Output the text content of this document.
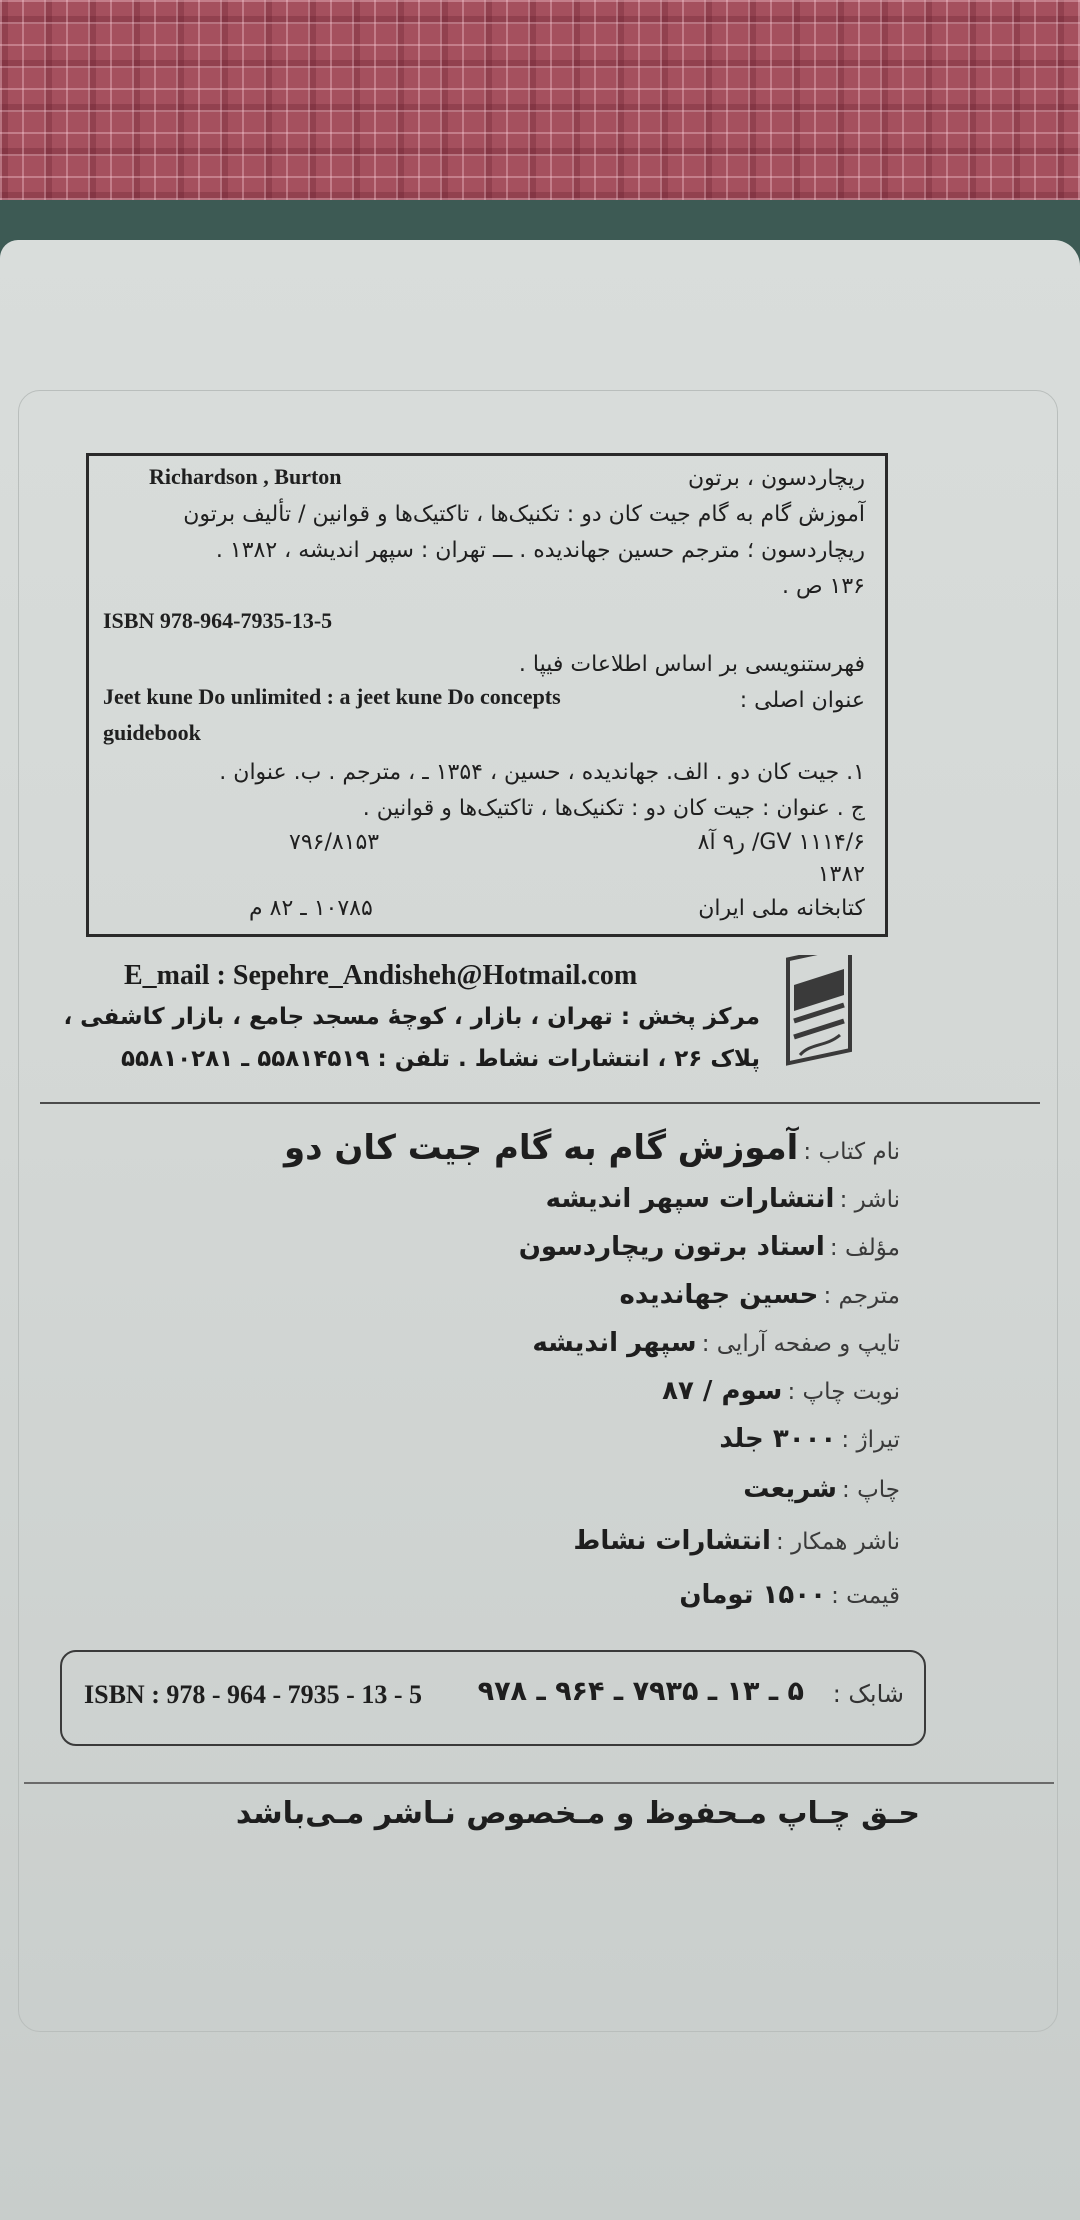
Richardson , Burton	ریچاردسون ، برتون
آموزش گام به گام جیت کان دو : تکنیک‌ها ، تاکتیک‌ها و قوانین / تألیف برتون
ریچاردسون ؛ مترجم حسین جهاندیده . ـــ تهران : سپهر اندیشه ، ۱۳۸۲ .
۱۳۶ ص .
ISBN 978-964-7935-13-5
فهرستنویسی بر اساس اطلاعات فیپا .
عنوان اصلی :
Jeet kune Do unlimited : a jeet kune Do concepts
guidebook
۱. جیت کان دو . الف. جهاندیده ، حسین ، ۱۳۵۴ ـ ، مترجم . ب. عنوان .
ج . عنوان : جیت کان دو : تکنیک‌ها ، تاکتیک‌ها و قوانین .
GV ۱۱۱۴/۶/ ر۹ آ۸
۷۹۶/۸۱۵۳
۱۳۸۲
کتابخانه ملی ایران
۱۰۷۸۵ ـ ۸۲ م
E_mail : Sepehre_Andisheh@Hotmail.com
مرکز پخش : تهران ، بازار ، کوچهٔ مسجد جامع ، بازار کاشفی ،
پلاک ۲۶ ، انتشارات نشاط . تلفن : ۵۵۸۱۴۵۱۹ ـ ۵۵۸۱۰۲۸۱
نام کتاب : آموزش گام به گام جیت کان دو
ناشر : انتشارات سپهر اندیشه
مؤلف : استاد برتون ریچاردسون
مترجم : حسین جهاندیده
تایپ و صفحه آرایی : سپهر اندیشه
نوبت چاپ : سوم / ۸۷
تیراژ : ۳۰۰۰ جلد
چاپ : شریعت
ناشر همکار : انتشارات نشاط
قیمت : ۱۵۰۰ تومان
شابک :
۵ ـ ۱۳ ـ ۷۹۳۵ ـ ۹۶۴ ـ ۹۷۸
ISBN : 978 - 964 - 7935 - 13 - 5
حـق چـاپ مـحفوظ و مـخصوص نـاشر مـی‌باشد
